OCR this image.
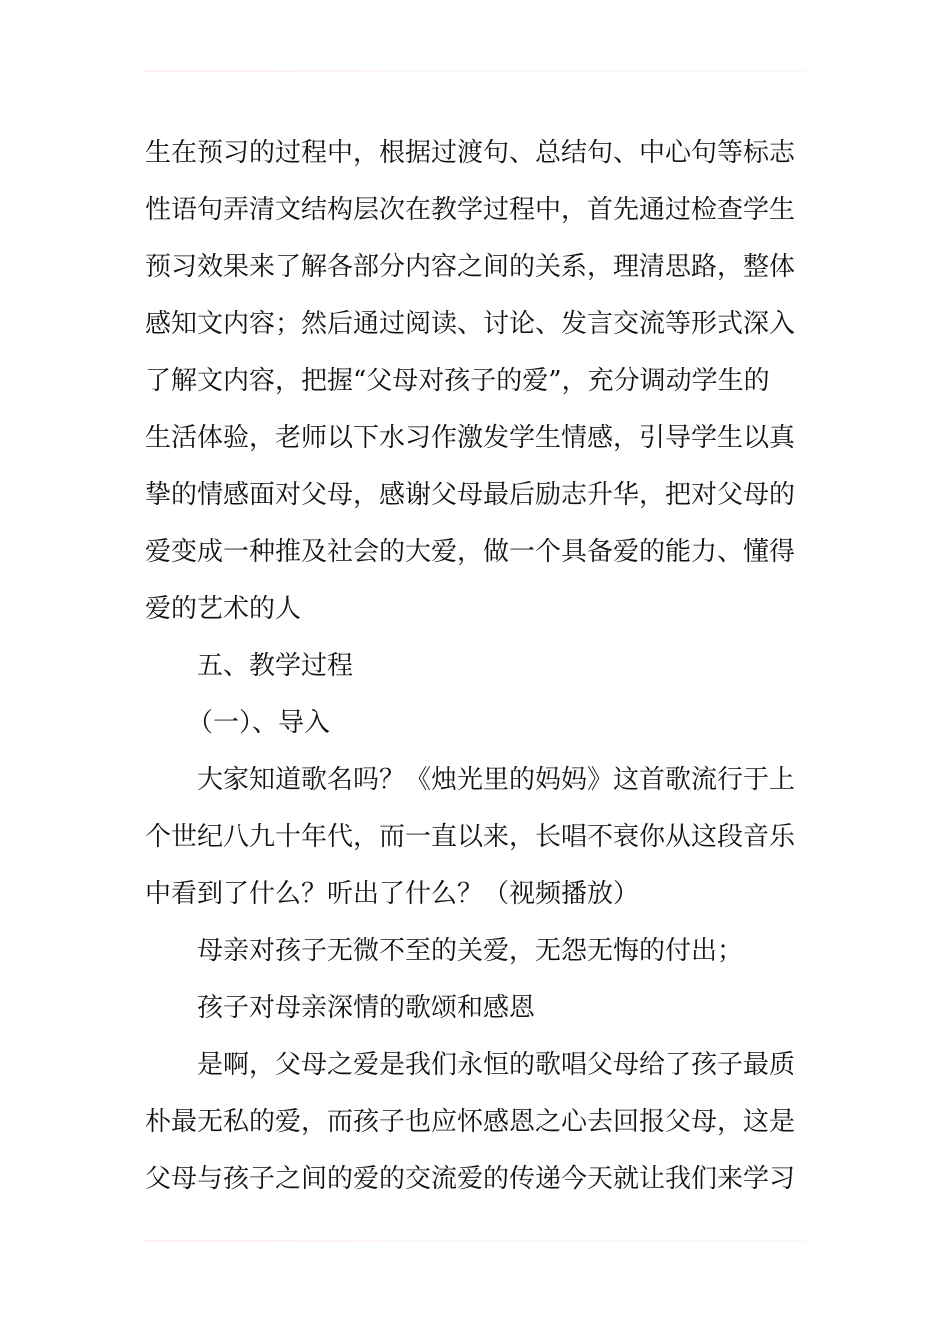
生在预习的过程中，根据过渡句、总结句、中心句等标志
性语句弄清文结构层次在教学过程中，首先通过检查学生
预习效果来了解各部分内容之间的关系，理清思路，整体
感知文内容；然后通过阅读、讨论、发言交流等形式深入
了解文内容，把握“父母对孩子的爱”，充分调动学生的
生活体验，老师以下水习作激发学生情感，引导学生以真
挚的情感面对父母，感谢父母最后励志升华，把对父母的
爱变成一种推及社会的大爱，做一个具备爱的能力、懂得
爱的艺术的人
五、教学过程
（一）、导入
大家知道歌名吗？《烛光里的妈妈》这首歌流行于上
个世纪八九十年代，而一直以来，长唱不衰你从这段音乐
中看到了什么？听出了什么？（视频播放）
母亲对孩子无微不至的关爱，无怨无悔的付出；
孩子对母亲深情的歌颂和感恩
是啊，父母之爱是我们永恒的歌唱父母给了孩子最质
朴最无私的爱，而孩子也应怀感恩之心去回报父母，这是
父母与孩子之间的爱的交流爱的传递今天就让我们来学习
